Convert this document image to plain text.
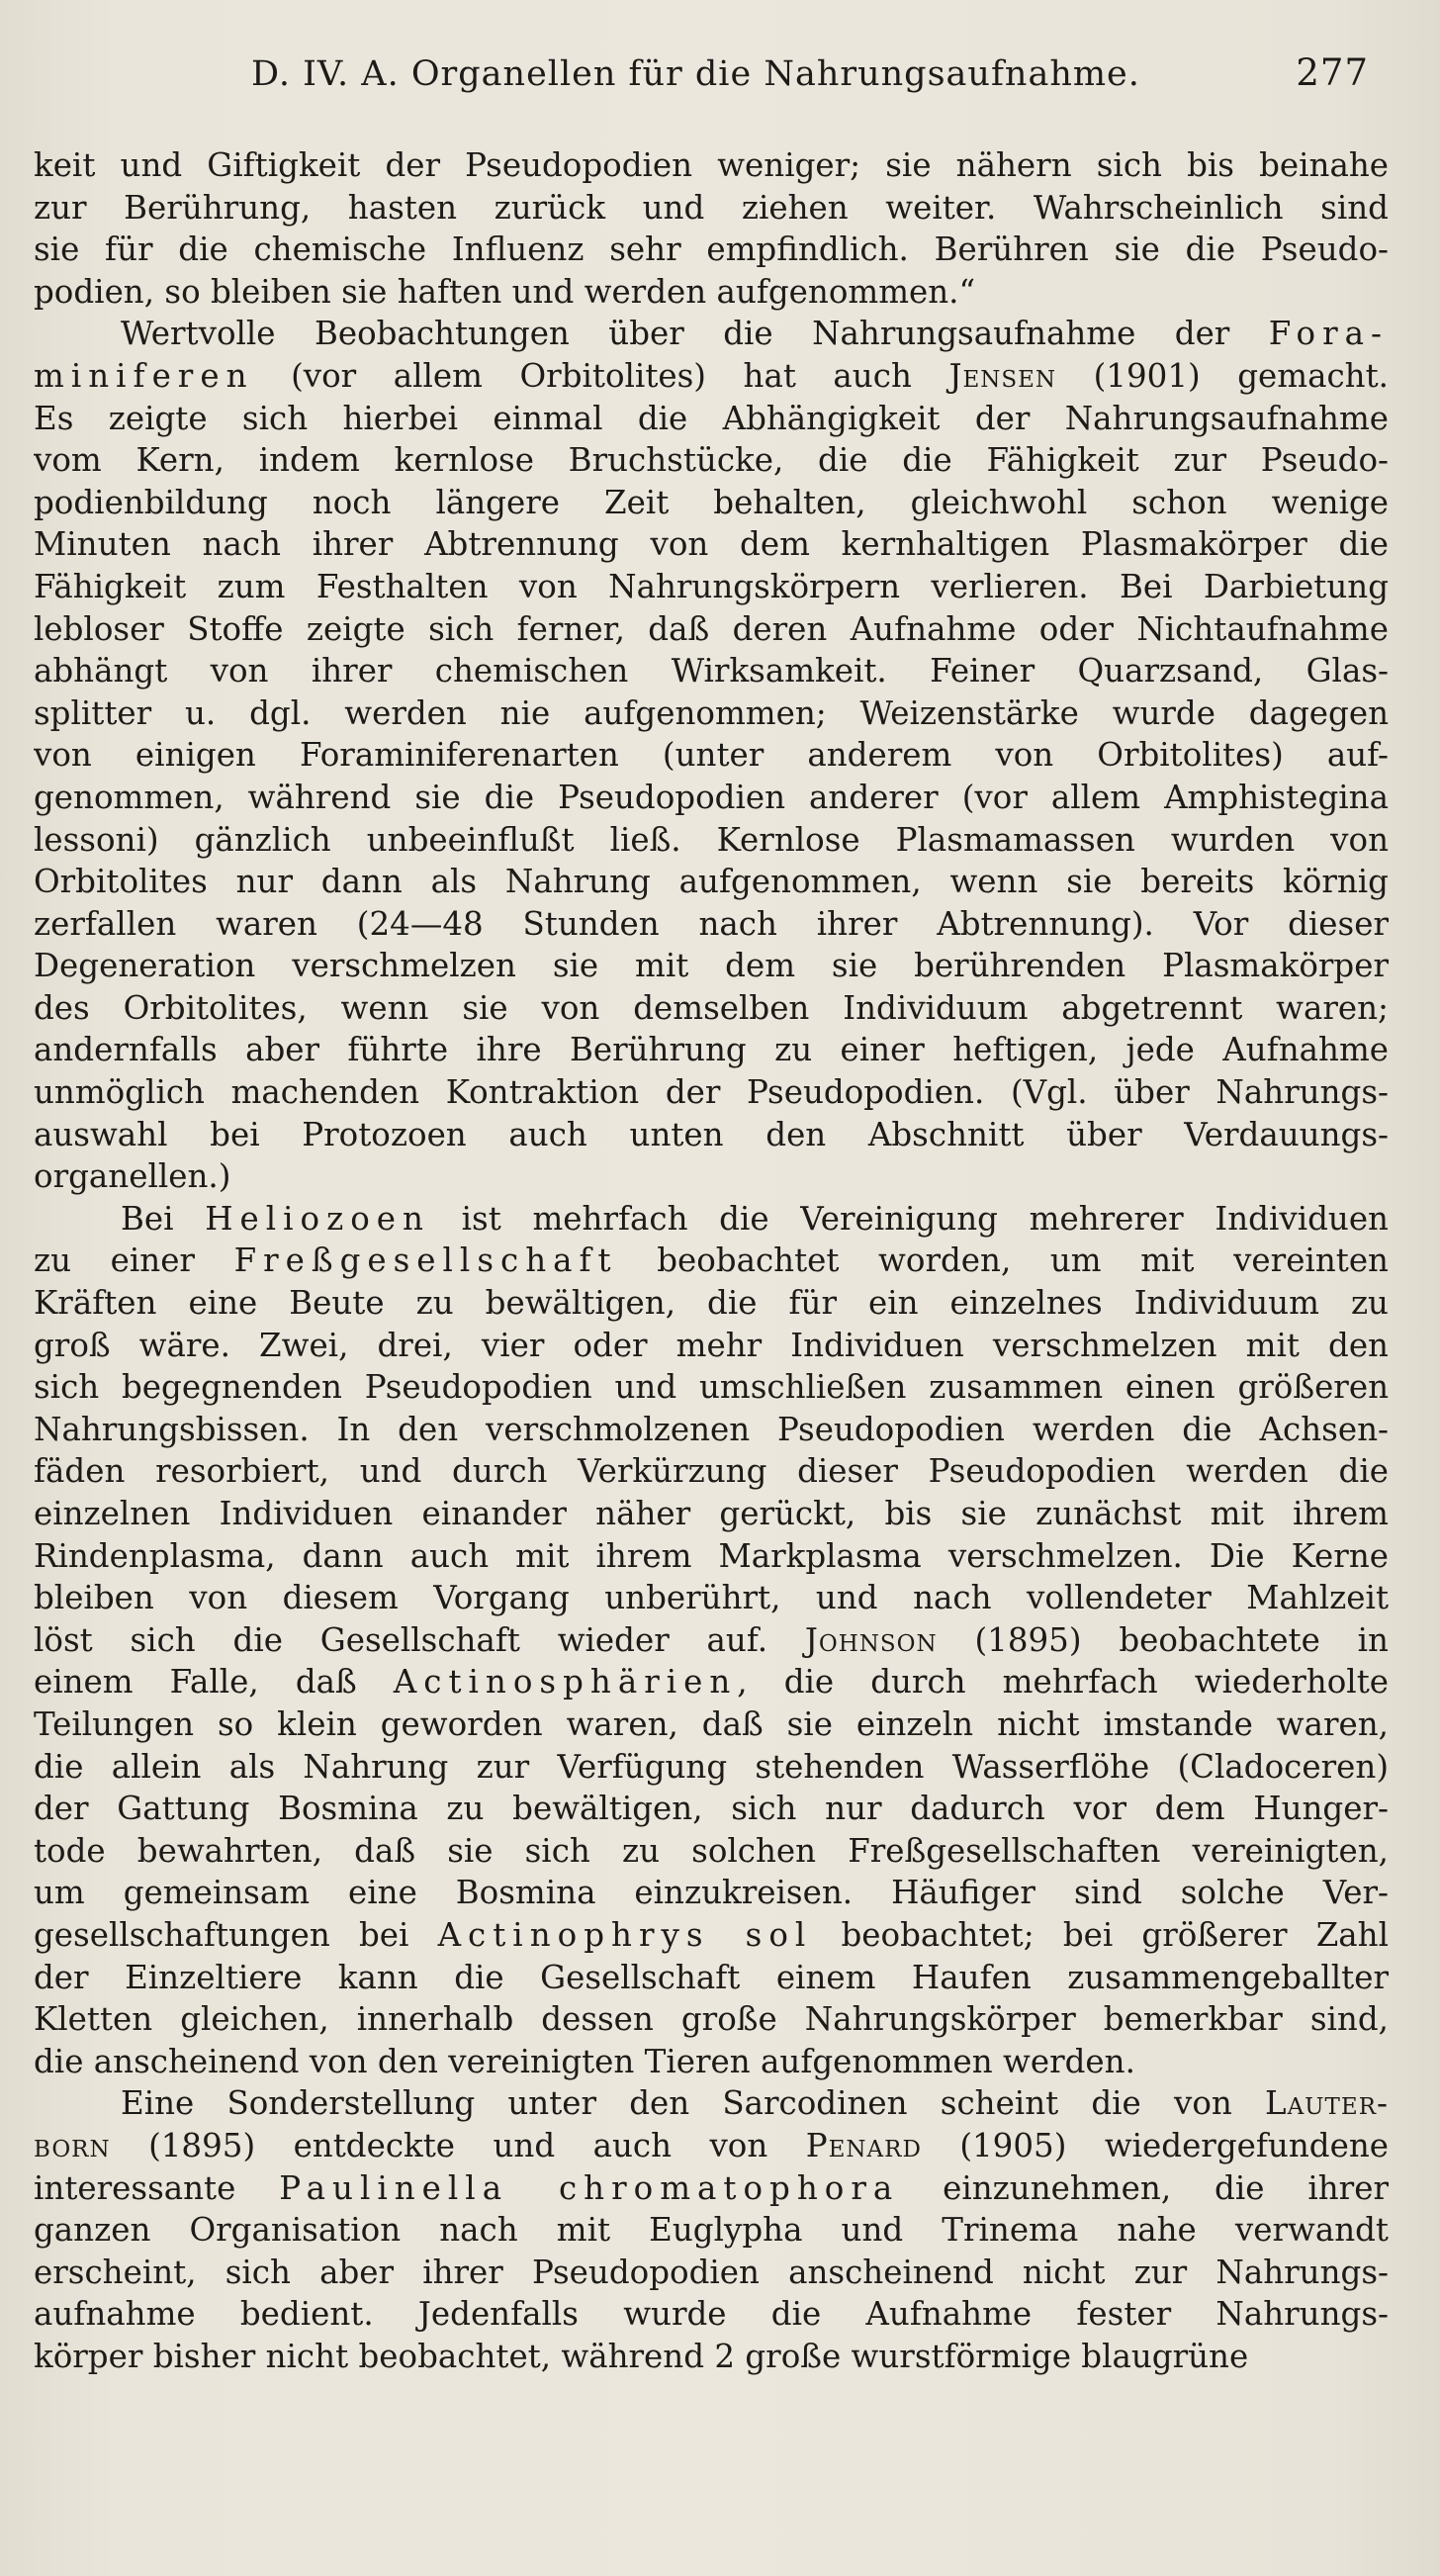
D. IV. A. Organellen für die Nahrungsaufnahme.	277
keit und Giftigkeit der Pseudopodien weniger; sie nähern sich bis beinahe
zur Berührung, hasten zurück und ziehen weiter. Wahrscheinlich sind
sie für die chemische Influenz sehr empfindlich. Berühren sie die Pseudo-
podien, so bleiben sie haften und werden aufgenommen.“
Wertvolle Beobachtungen über die Nahrungsaufnahme der Fora-
miniferen (vor allem Orbitolites) hat auch Jensen (1901) gemacht.
Es zeigte sich hierbei einmal die Abhängigkeit der Nahrungsaufnahme
vom Kern, indem kernlose Bruchstücke, die die Fähigkeit zur Pseudo-
podienbildung noch längere Zeit behalten, gleichwohl schon wenige
Minuten nach ihrer Abtrennung von dem kernhaltigen Plasmakörper die
Fähigkeit zum Festhalten von Nahrungskörpern verlieren. Bei Darbietung
lebloser Stoffe zeigte sich ferner, daß deren Aufnahme oder Nichtaufnahme
abhängt von ihrer chemischen Wirksamkeit. Feiner Quarzsand, Glas-
splitter u. dgl. werden nie aufgenommen; Weizenstärke wurde dagegen
von einigen Foraminiferenarten (unter anderem von Orbitolites) auf-
genommen, während sie die Pseudopodien anderer (vor allem Amphistegina
lessoni) gänzlich unbeeinflußt ließ. Kernlose Plasmamassen wurden von
Orbitolites nur dann als Nahrung aufgenommen, wenn sie bereits körnig
zerfallen waren (24—48 Stunden nach ihrer Abtrennung). Vor dieser
Degeneration verschmelzen sie mit dem sie berührenden Plasmakörper
des Orbitolites, wenn sie von demselben Individuum abgetrennt waren;
andernfalls aber führte ihre Berührung zu einer heftigen, jede Aufnahme
unmöglich machenden Kontraktion der Pseudopodien. (Vgl. über Nahrungs-
auswahl bei Protozoen auch unten den Abschnitt über Verdauungs-
organellen.)
Bei Heliozoen ist mehrfach die Vereinigung mehrerer Individuen
zu einer Freßgesellschaft beobachtet worden, um mit vereinten
Kräften eine Beute zu bewältigen, die für ein einzelnes Individuum zu
groß wäre. Zwei, drei, vier oder mehr Individuen verschmelzen mit den
sich begegnenden Pseudopodien und umschließen zusammen einen größeren
Nahrungsbissen. In den verschmolzenen Pseudopodien werden die Achsen-
fäden resorbiert, und durch Verkürzung dieser Pseudopodien werden die
einzelnen Individuen einander näher gerückt, bis sie zunächst mit ihrem
Rindenplasma, dann auch mit ihrem Markplasma verschmelzen. Die Kerne
bleiben von diesem Vorgang unberührt, und nach vollendeter Mahlzeit
löst sich die Gesellschaft wieder auf. Johnson (1895) beobachtete in
einem Falle, daß Actinosphärien, die durch mehrfach wiederholte
Teilungen so klein geworden waren, daß sie einzeln nicht imstande waren,
die allein als Nahrung zur Verfügung stehenden Wasserflöhe (Cladoceren)
der Gattung Bosmina zu bewältigen, sich nur dadurch vor dem Hunger-
tode bewahrten, daß sie sich zu solchen Freßgesellschaften vereinigten,
um gemeinsam eine Bosmina einzukreisen. Häufiger sind solche Ver-
gesellschaftungen bei Actinophrys sol beobachtet; bei größerer Zahl
der Einzeltiere kann die Gesellschaft einem Haufen zusammengeballter
Kletten gleichen, innerhalb dessen große Nahrungskörper bemerkbar sind,
die anscheinend von den vereinigten Tieren aufgenommen werden.
Eine Sonderstellung unter den Sarcodinen scheint die von Lauter-
born (1895) entdeckte und auch von Penard (1905) wiedergefundene
interessante Paulinella chromatophora einzunehmen, die ihrer
ganzen Organisation nach mit Euglypha und Trinema nahe verwandt
erscheint, sich aber ihrer Pseudopodien anscheinend nicht zur Nahrungs-
aufnahme bedient. Jedenfalls wurde die Aufnahme fester Nahrungs-
körper bisher nicht beobachtet, während 2 große wurstförmige blaugrüne
